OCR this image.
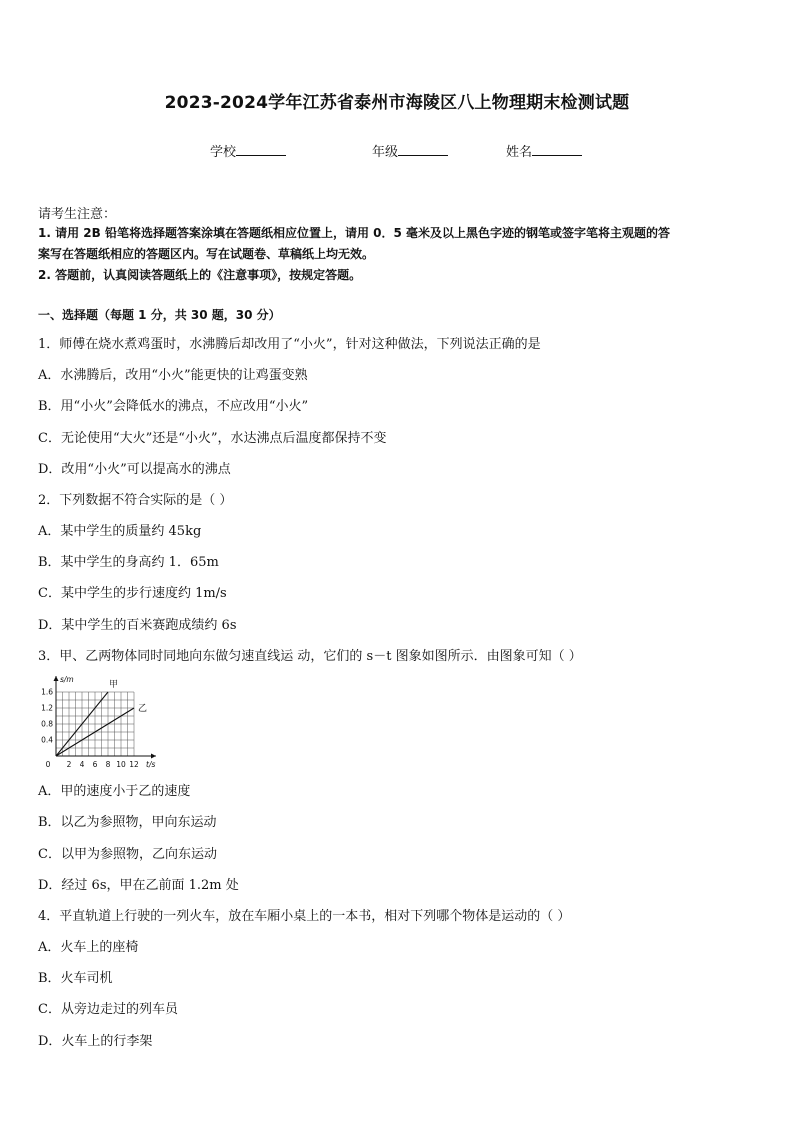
2023-2024学年江苏省泰州市海陵区八上物理期末检测试题
学校	年级	姓名
请考生注意：
1. 请用 2B 铅笔将选择题答案涂填在答题纸相应位置上，请用 0．5 毫米及以上黑色字迹的钢笔或签字笔将主观题的答
案写在答题纸相应的答题区内。写在试题卷、草稿纸上均无效。
2. 答题前，认真阅读答题纸上的《注意事项》，按规定答题。
一、选择题（每题 1 分，共 30 题，30 分）
1．师傅在烧水煮鸡蛋时，水沸腾后却改用了“小火”，针对这种做法，下列说法正确的是
A．水沸腾后，改用“小火”能更快的让鸡蛋变熟
B．用“小火”会降低水的沸点，不应改用“小火”
C．无论使用“大火”还是“小火”，水达沸点后温度都保持不变
D．改用“小火”可以提高水的沸点
2．下列数据不符合实际的是（ ）
A．某中学生的质量约 45kg
B．某中学生的身高约 1．65m
C．某中学生的步行速度约 1m/s
D．某中学生的百米赛跑成绩约 6s
3．甲、乙两物体同时同地向东做匀速直线运 动，它们的 s－t 图象如图所示．由图象可知（ ）
甲
乙
2 4 6 8 10 12
0.4
0.8
1.2
1.6
0	t/s
s/m
A．甲的速度小于乙的速度
B．以乙为参照物，甲向东运动
C．以甲为参照物，乙向东运动
D．经过 6s，甲在乙前面 1.2m 处
4．平直轨道上行驶的一列火车，放在车厢小桌上的一本书，相对下列哪个物体是运动的（ ）
A．火车上的座椅
B．火车司机
C．从旁边走过的列车员
D．火车上的行李架
